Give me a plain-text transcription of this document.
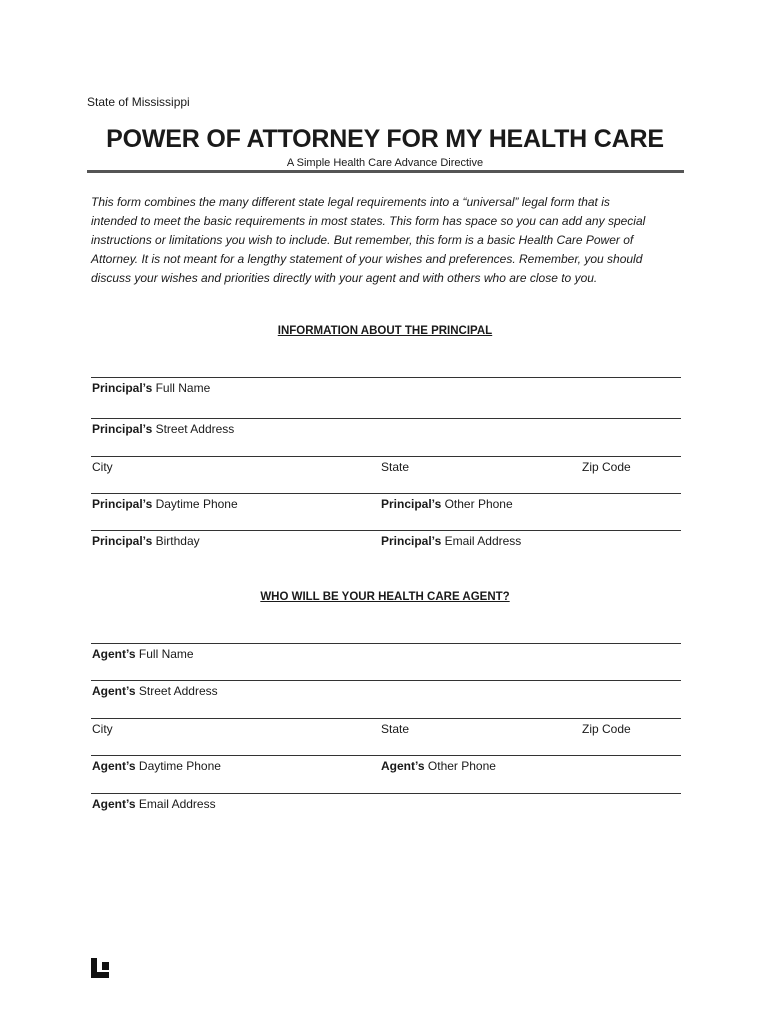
State of Mississippi
POWER OF ATTORNEY FOR MY HEALTH CARE
A Simple Health Care Advance Directive
This form combines the many different state legal requirements into a “universal” legal form that is
intended to meet the basic requirements in most states. This form has space so you can add any special
instructions or limitations you wish to include. But remember, this form is a basic Health Care Power of
Attorney. It is not meant for a lengthy statement of your wishes and preferences. Remember, you should
discuss your wishes and priorities directly with your agent and with others who are close to you.
INFORMATION ABOUT THE PRINCIPAL
Principal’s Full Name
Principal’s Street Address
City	State	Zip Code
Principal’s Daytime Phone	Principal’s Other Phone
Principal’s Birthday	Principal’s Email Address
WHO WILL BE YOUR HEALTH CARE AGENT?
Agent’s Full Name
Agent’s Street Address
City	State	Zip Code
Agent’s Daytime Phone	Agent’s Other Phone
Agent’s Email Address
